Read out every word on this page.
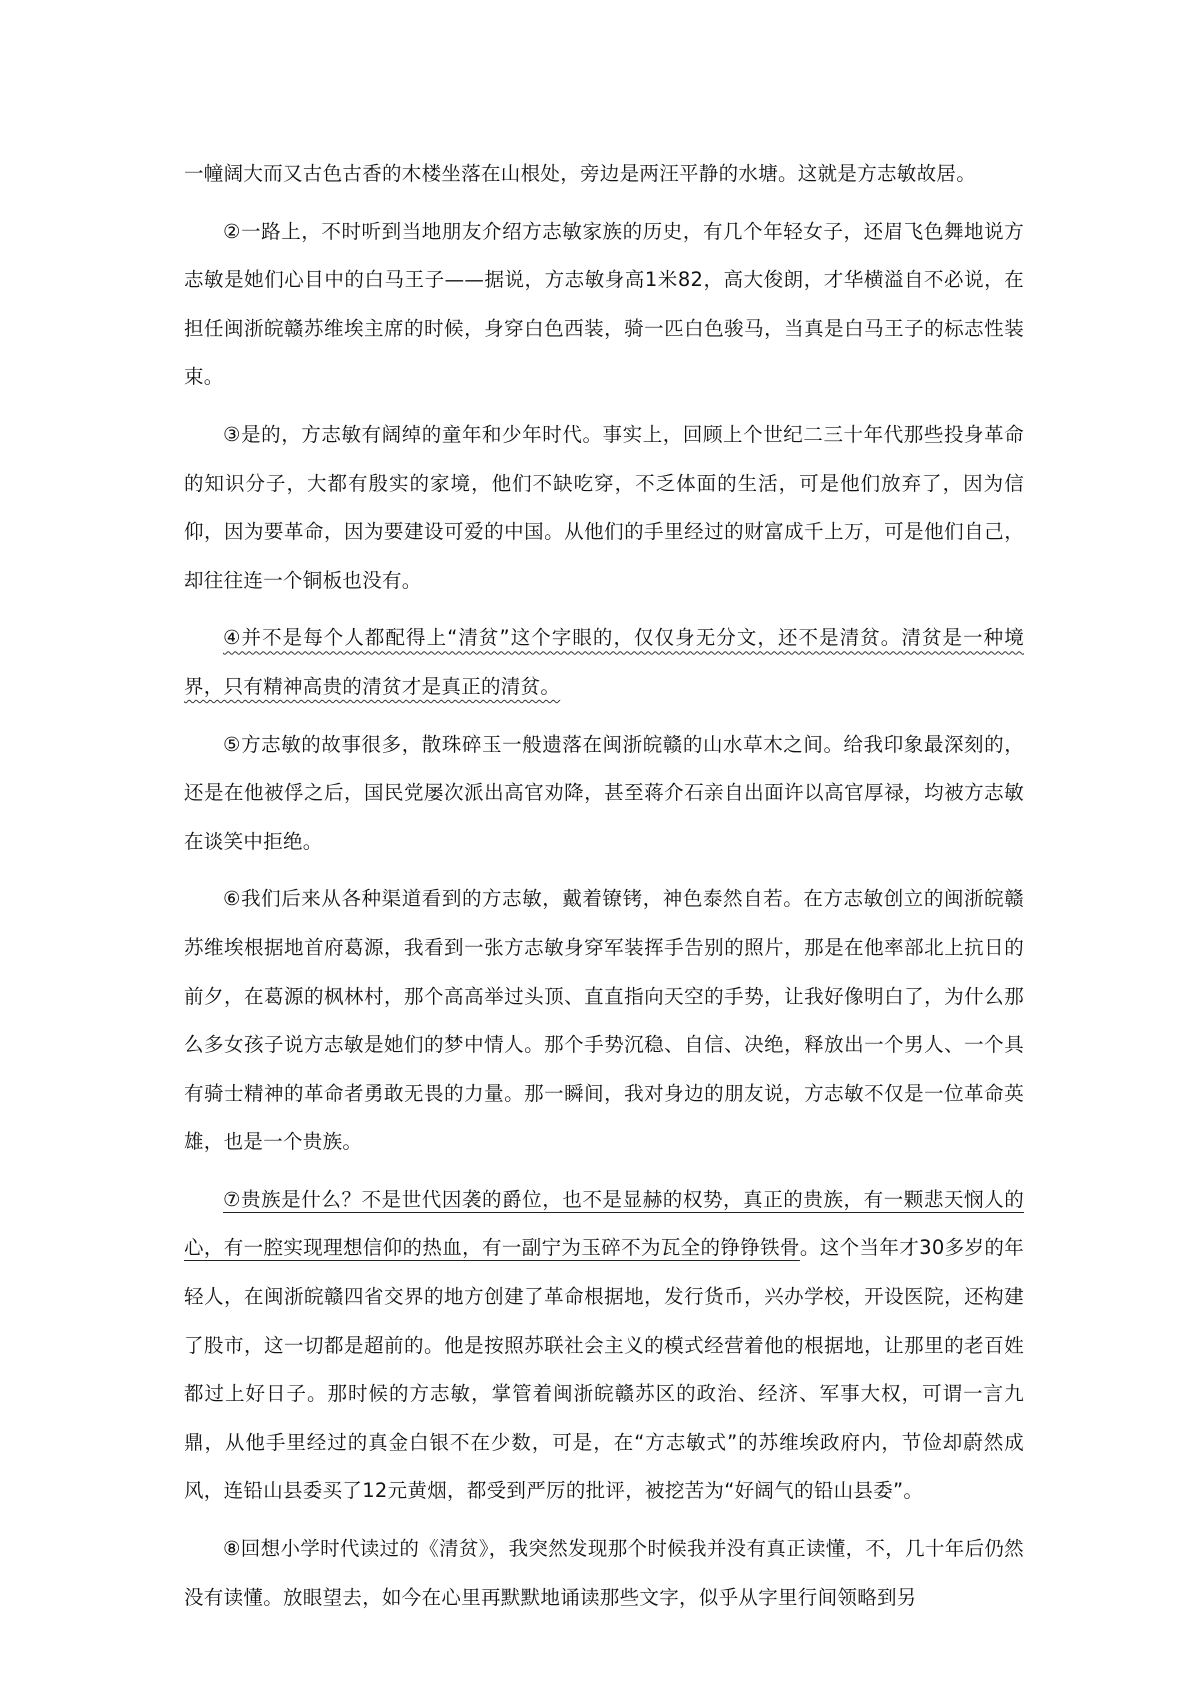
一幢阔大而又古色古香的木楼坐落在山根处，旁边是两汪平静的水塘。这就是方志敏故居。

②一路上，不时听到当地朋友介绍方志敏家族的历史，有几个年轻女子，还眉飞色舞地说方志敏是她们心目中的白马王子——据说，方志敏身高1米82，高大俊朗，才华横溢自不必说，在担任闽浙皖赣苏维埃主席的时候，身穿白色西装，骑一匹白色骏马，当真是白马王子的标志性装束。

③是的，方志敏有阔绰的童年和少年时代。事实上，回顾上个世纪二三十年代那些投身革命的知识分子，大都有殷实的家境，他们不缺吃穿，不乏体面的生活，可是他们放弃了，因为信仰，因为要革命，因为要建设可爱的中国。从他们的手里经过的财富成千上万，可是他们自己，却往往连一个铜板也没有。

④并不是每个人都配得上“清贫”这个字眼的，仅仅身无分文，还不是清贫。清贫是一种境界，只有精神高贵的清贫才是真正的清贫。

⑤方志敏的故事很多，散珠碎玉一般遗落在闽浙皖赣的山水草木之间。给我印象最深刻的，还是在他被俘之后，国民党屡次派出高官劝降，甚至蒋介石亲自出面许以高官厚禄，均被方志敏在谈笑中拒绝。

⑥我们后来从各种渠道看到的方志敏，戴着镣铐，神色泰然自若。在方志敏创立的闽浙皖赣苏维埃根据地首府葛源，我看到一张方志敏身穿军装挥手告别的照片，那是在他率部北上抗日的前夕，在葛源的枫林村，那个高高举过头顶、直直指向天空的手势，让我好像明白了，为什么那么多女孩子说方志敏是她们的梦中情人。那个手势沉稳、自信、决绝，释放出一个男人、一个具有骑士精神的革命者勇敢无畏的力量。那一瞬间，我对身边的朋友说，方志敏不仅是一位革命英雄，也是一个贵族。

⑦贵族是什么？不是世代因袭的爵位，也不是显赫的权势，真正的贵族，有一颗悲天悯人的心，有一腔实现理想信仰的热血，有一副宁为玉碎不为瓦全的铮铮铁骨。这个当年才30多岁的年轻人，在闽浙皖赣四省交界的地方创建了革命根据地，发行货币，兴办学校，开设医院，还构建了股市，这一切都是超前的。他是按照苏联社会主义的模式经营着他的根据地，让那里的老百姓都过上好日子。那时候的方志敏，掌管着闽浙皖赣苏区的政治、经济、军事大权，可谓一言九鼎，从他手里经过的真金白银不在少数，可是，在“方志敏式”的苏维埃政府内，节俭却蔚然成风，连铅山县委买了12元黄烟，都受到严厉的批评，被挖苦为“好阔气的铅山县委”。

⑧回想小学时代读过的《清贫》，我突然发现那个时候我并没有真正读懂，不，几十年后仍然没有读懂。放眼望去，如今在心里再默默地诵读那些文字，似乎从字里行间领略到另
